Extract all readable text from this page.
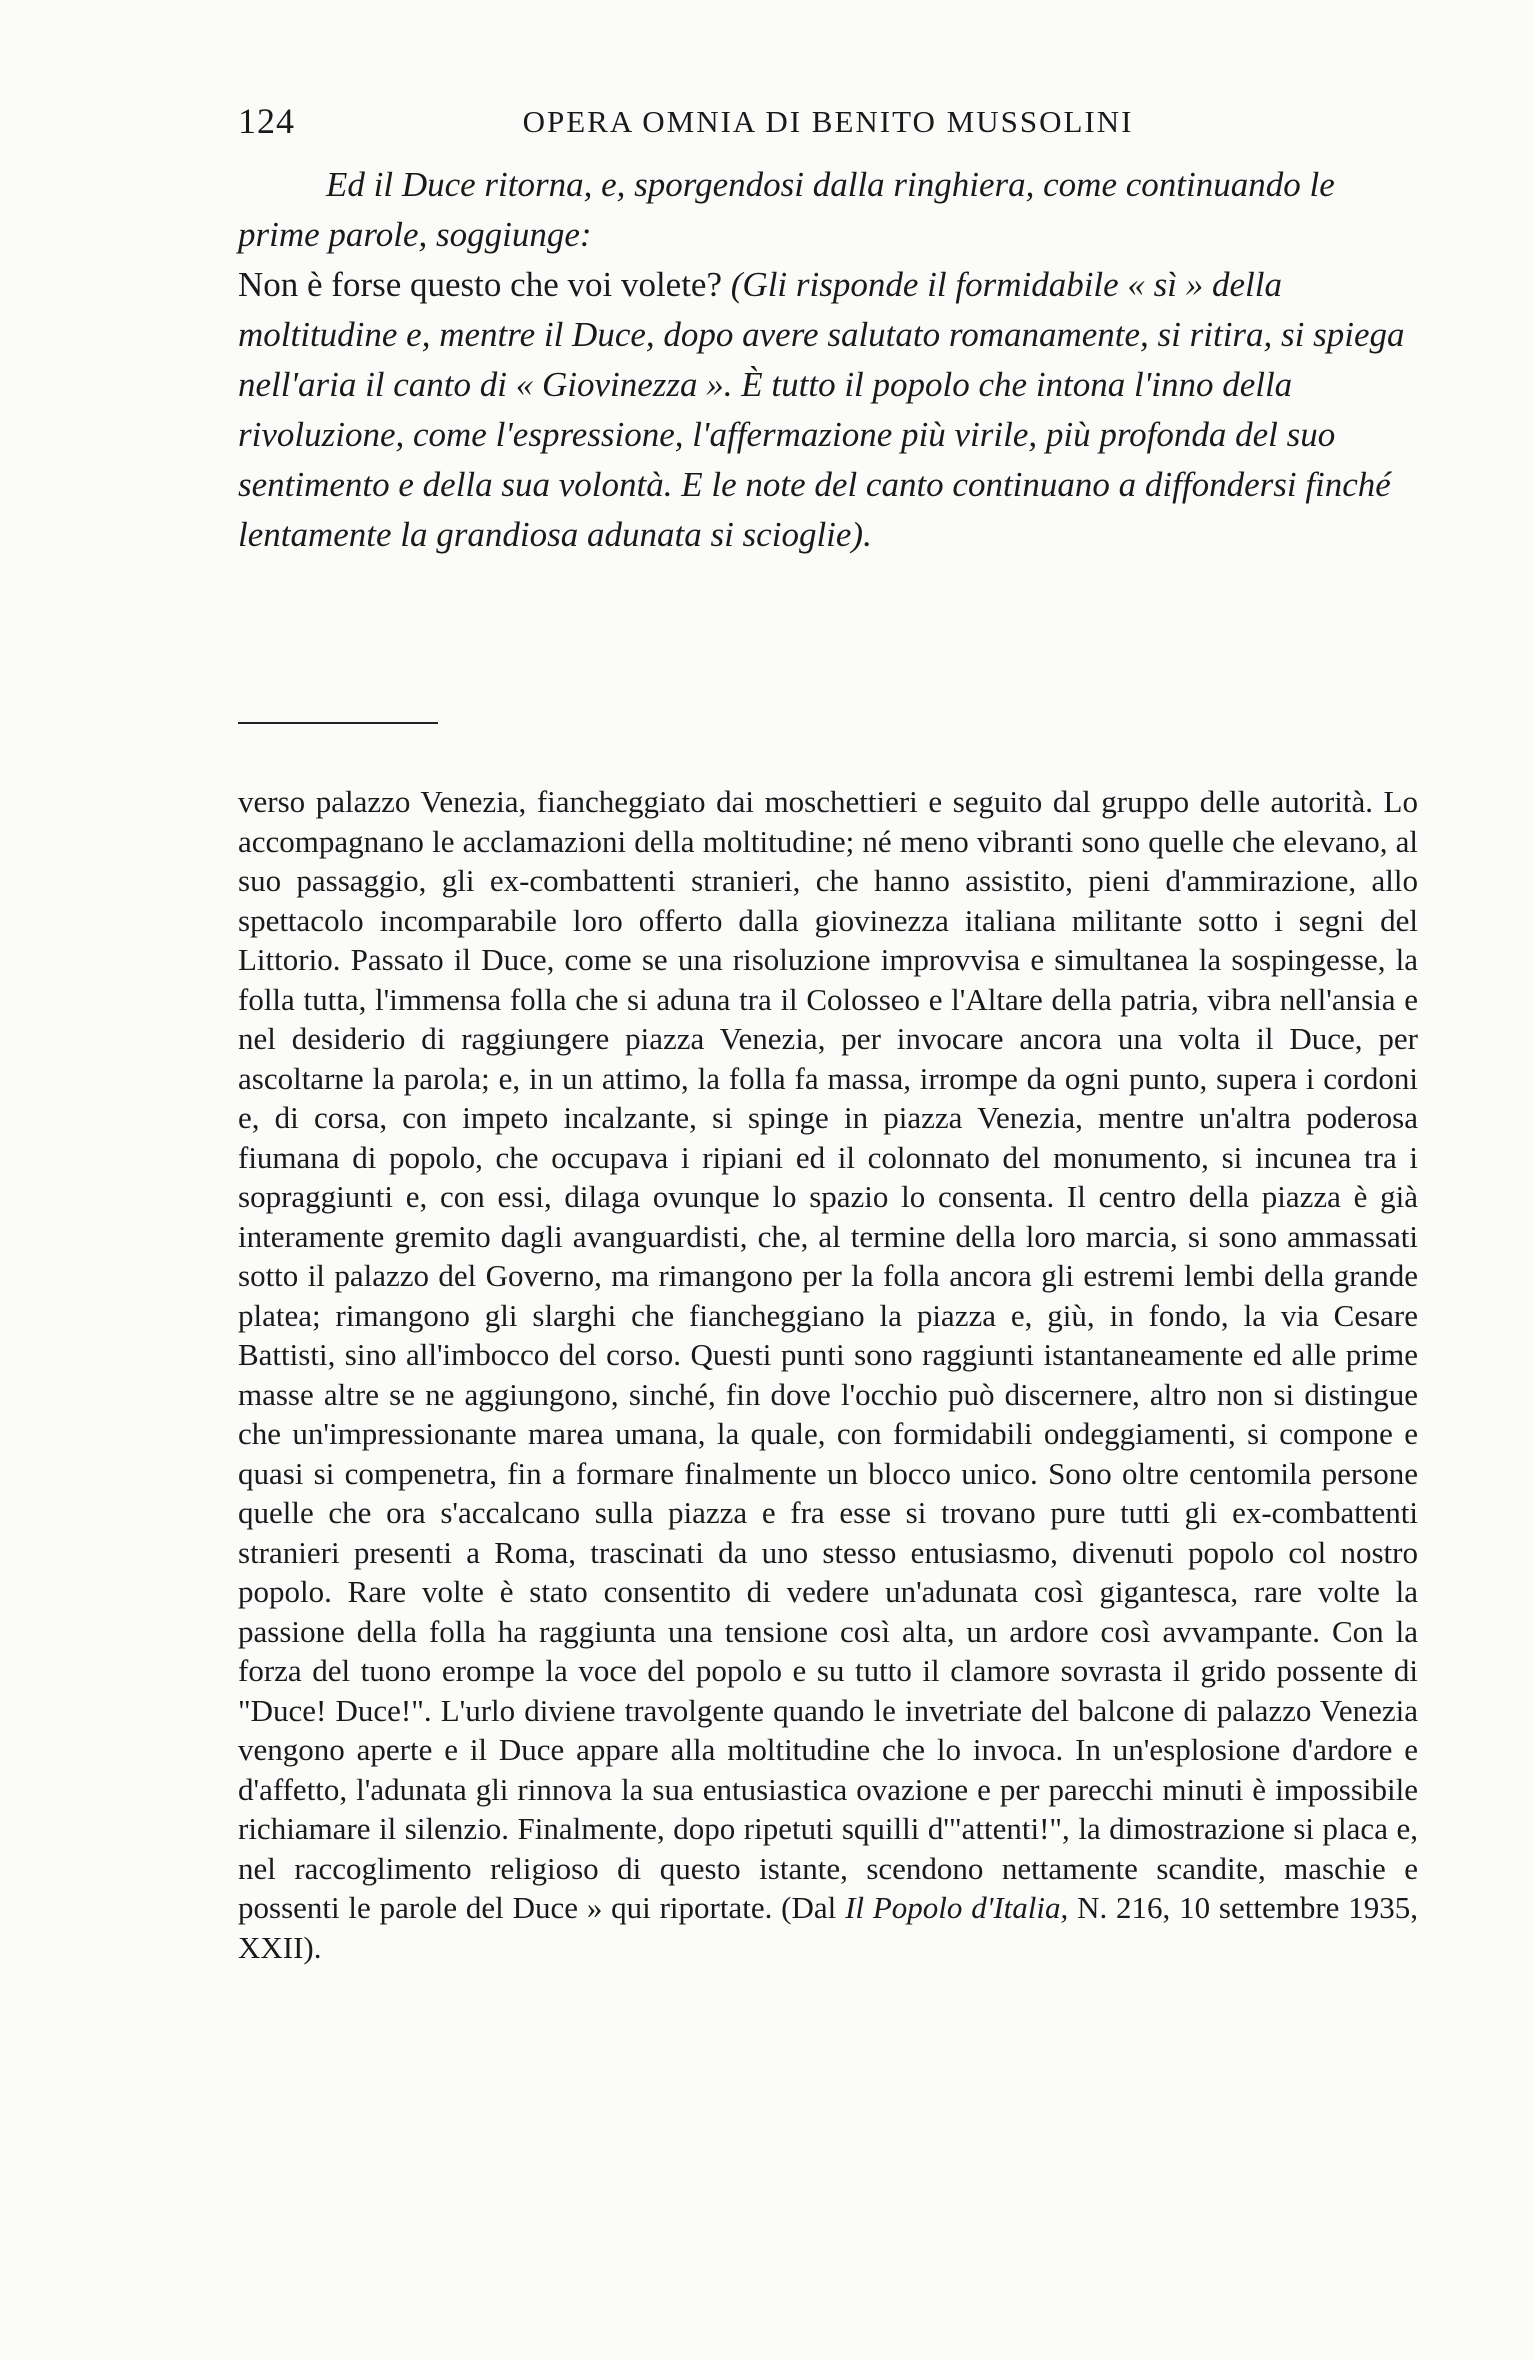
124	OPERA OMNIA DI BENITO MUSSOLINI

Ed il Duce ritorna, e, sporgendosi dalla ringhiera, come continuando le prime parole, soggiunge:

Non è forse questo che voi volete? (Gli risponde il formidabile « sì » della moltitudine e, mentre il Duce, dopo avere salutato romanamente, si ritira, si spiega nell'aria il canto di « Giovinezza ». È tutto il popolo che intona l'inno della rivoluzione, come l'espressione, l'affermazione più virile, più profonda del suo sentimento e della sua volontà. E le note del canto continuano a diffondersi finché lentamente la grandiosa adunata si scioglie).

verso palazzo Venezia, fiancheggiato dai moschettieri e seguito dal gruppo delle autorità. Lo accompagnano le acclamazioni della moltitudine; né meno vibranti sono quelle che elevano, al suo passaggio, gli ex-combattenti stranieri, che hanno assistito, pieni d'ammirazione, allo spettacolo incomparabile loro offerto dalla giovinezza italiana militante sotto i segni del Littorio. Passato il Duce, come se una risoluzione improvvisa e simultanea la sospingesse, la folla tutta, l'immensa folla che si aduna tra il Colosseo e l'Altare della patria, vibra nell'ansia e nel desiderio di raggiungere piazza Venezia, per invocare ancora una volta il Duce, per ascoltarne la parola; e, in un attimo, la folla fa massa, irrompe da ogni punto, supera i cordoni e, di corsa, con impeto incalzante, si spinge in piazza Venezia, mentre un'altra poderosa fiumana di popolo, che occupava i ripiani ed il colonnato del monumento, si incunea tra i sopraggiunti e, con essi, dilaga ovunque lo spazio lo consenta. Il centro della piazza è già interamente gremito dagli avanguardisti, che, al termine della loro marcia, si sono ammassati sotto il palazzo del Governo, ma rimangono per la folla ancora gli estremi lembi della grande platea; rimangono gli slarghi che fiancheggiano la piazza e, giù, in fondo, la via Cesare Battisti, sino all'imbocco del corso. Questi punti sono raggiunti istantaneamente ed alle prime masse altre se ne aggiungono, sinché, fin dove l'occhio può discernere, altro non si distingue che un'impressionante marea umana, la quale, con formidabili ondeggiamenti, si compone e quasi si compenetra, fin a formare finalmente un blocco unico. Sono oltre centomila persone quelle che ora s'accalcano sulla piazza e fra esse si trovano pure tutti gli ex-combattenti stranieri presenti a Roma, trascinati da uno stesso entusiasmo, divenuti popolo col nostro popolo. Rare volte è stato consentito di vedere un'adunata così gigantesca, rare volte la passione della folla ha raggiunta una tensione così alta, un ardore così avvampante. Con la forza del tuono erompe la voce del popolo e su tutto il clamore sovrasta il grido possente di "Duce! Duce!". L'urlo diviene travolgente quando le invetriate del balcone di palazzo Venezia vengono aperte e il Duce appare alla moltitudine che lo invoca. In un'esplosione d'ardore e d'affetto, l'adunata gli rinnova la sua entusiastica ovazione e per parecchi minuti è impossibile richiamare il silenzio. Finalmente, dopo ripetuti squilli d'"attenti!", la dimostrazione si placa e, nel raccoglimento religioso di questo istante, scendono nettamente scandite, maschie e possenti le parole del Duce » qui riportate. (Dal Il Popolo d'Italia, N. 216, 10 settembre 1935, XXII).
